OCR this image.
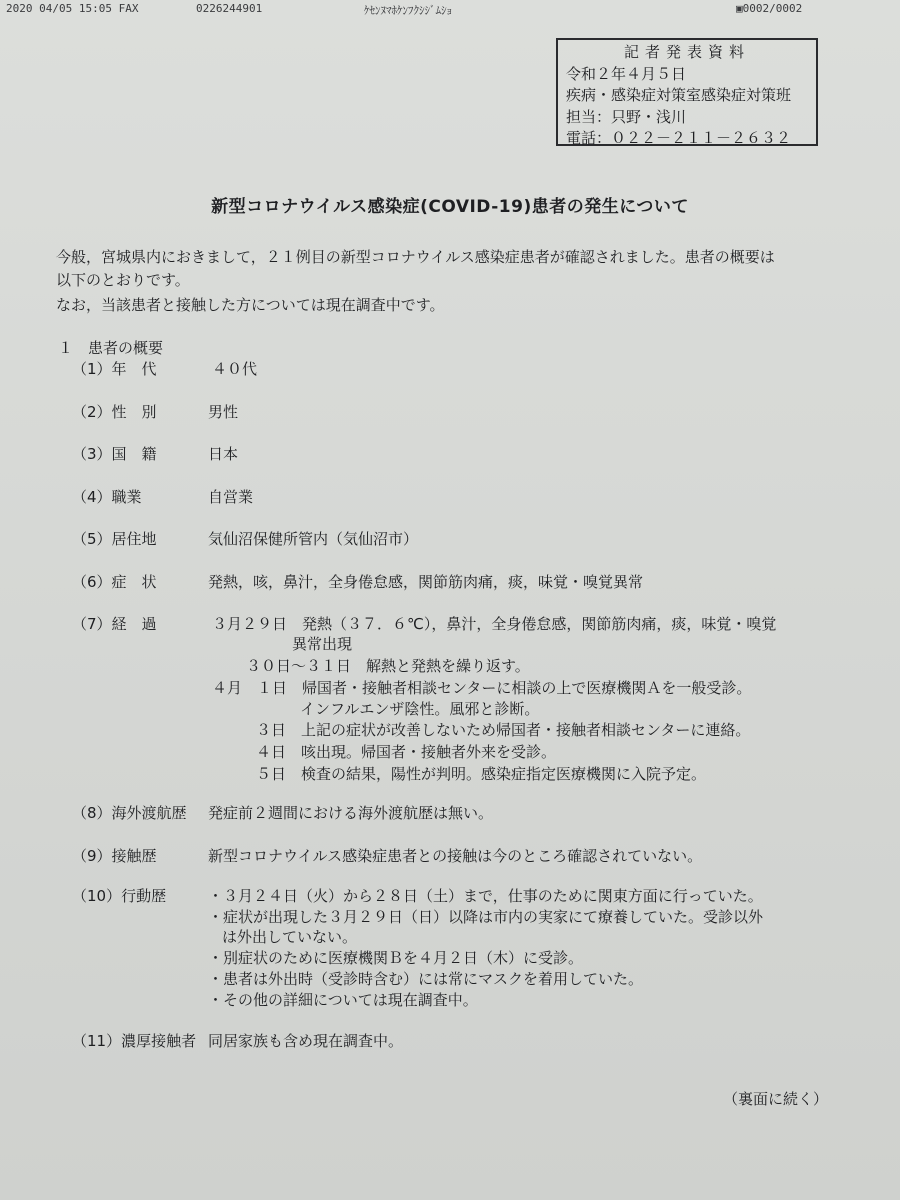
2020 04/05 15:05 FAX	0226244901	ｹｾﾝﾇﾏﾎｹﾝﾌｸｼｼﾞﾑｼｮ	▣0002/0002
記者発表資料
令和２年４月５日
疾病・感染症対策室感染症対策班
担当：只野・浅川
電話：０２２－２１１－２６３２
新型コロナウイルス感染症(COVID-19)患者の発生について

今般，宮城県内におきまして，２１例目の新型コロナウイルス感染症患者が確認されました。患者の概要は

以下のとおりです。

なお，当該患者と接触した方については現在調査中です。

１　患者の概要
（1）年　代	４０代
（2）性　別	男性
（3）国　籍	日本
（4）職業	自営業
（5）居住地	気仙沼保健所管内（気仙沼市）
（6）症　状	発熱，咳，鼻汁，全身倦怠感，関節筋肉痛，痰，味覚・嗅覚異常
（7）経　過	３月２９日　発熱（３７．６℃），鼻汁，全身倦怠感，関節筋肉痛，痰，味覚・嗅覚
異常出現
３０日～３１日　解熱と発熱を繰り返す。
４月　１日　帰国者・接触者相談センターに相談の上で医療機関Ａを一般受診。
インフルエンザ陰性。風邪と診断。
３日　上記の症状が改善しないため帰国者・接触者相談センターに連絡。
４日　咳出現。帰国者・接触者外来を受診。
５日　検査の結果，陽性が判明。感染症指定医療機関に入院予定。
（8）海外渡航歴 発症前２週間における海外渡航歴は無い。
（9）接触歴	新型コロナウイルス感染症患者との接触は今のところ確認されていない。
（10）行動歴	・３月２４日（火）から２８日（土）まで，仕事のために関東方面に行っていた。
・症状が出現した３月２９日（日）以降は市内の実家にて療養していた。受診以外
は外出していない。
・別症状のために医療機関Ｂを４月２日（木）に受診。
・患者は外出時（受診時含む）には常にマスクを着用していた。
・その他の詳細については現在調査中。
（11）濃厚接触者 同居家族も含め現在調査中。
（裏面に続く）
